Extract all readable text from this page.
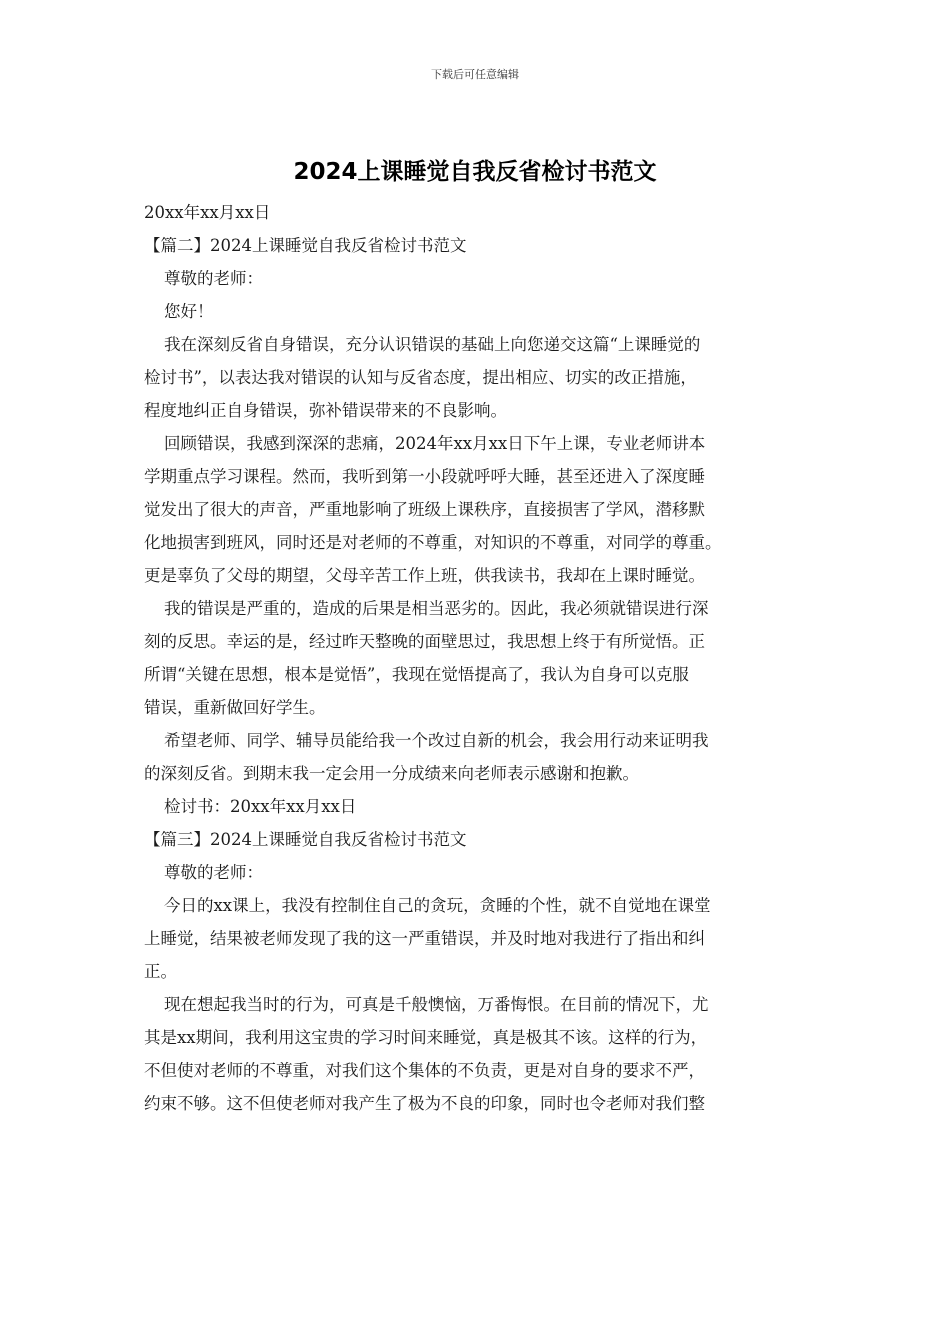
下载后可任意编辑
2024上课睡觉自我反省检讨书范文
20xx年xx月xx日
【篇二】2024上课睡觉自我反省检讨书范文
尊敬的老师：
您好！
我在深刻反省自身错误，充分认识错误的基础上向您递交这篇“上课睡觉的
检讨书”，以表达我对错误的认知与反省态度，提出相应、切实的改正措施，
程度地纠正自身错误，弥补错误带来的不良影响。
回顾错误，我感到深深的悲痛，2024年xx月xx日下午上课，专业老师讲本
学期重点学习课程。然而，我听到第一小段就呼呼大睡，甚至还进入了深度睡
觉发出了很大的声音，严重地影响了班级上课秩序，直接损害了学风，潜移默
化地损害到班风，同时还是对老师的不尊重，对知识的不尊重，对同学的尊重。
更是辜负了父母的期望，父母辛苦工作上班，供我读书，我却在上课时睡觉。
我的错误是严重的，造成的后果是相当恶劣的。因此，我必须就错误进行深
刻的反思。幸运的是，经过昨天整晚的面壁思过，我思想上终于有所觉悟。正
所谓“关键在思想，根本是觉悟”，我现在觉悟提高了，我认为自身可以克服
错误，重新做回好学生。
希望老师、同学、辅导员能给我一个改过自新的机会，我会用行动来证明我
的深刻反省。到期末我一定会用一分成绩来向老师表示感谢和抱歉。
检讨书：20xx年xx月xx日
【篇三】2024上课睡觉自我反省检讨书范文
尊敬的老师：
今日的xx课上，我没有控制住自己的贪玩，贪睡的个性，就不自觉地在课堂
上睡觉，结果被老师发现了我的这一严重错误，并及时地对我进行了指出和纠
正。
现在想起我当时的行为，可真是千般懊恼，万番悔恨。在目前的情况下，尤
其是xx期间，我利用这宝贵的学习时间来睡觉，真是极其不该。这样的行为，
不但使对老师的不尊重，对我们这个集体的不负责，更是对自身的要求不严，
约束不够。这不但使老师对我产生了极为不良的印象，同时也令老师对我们整
